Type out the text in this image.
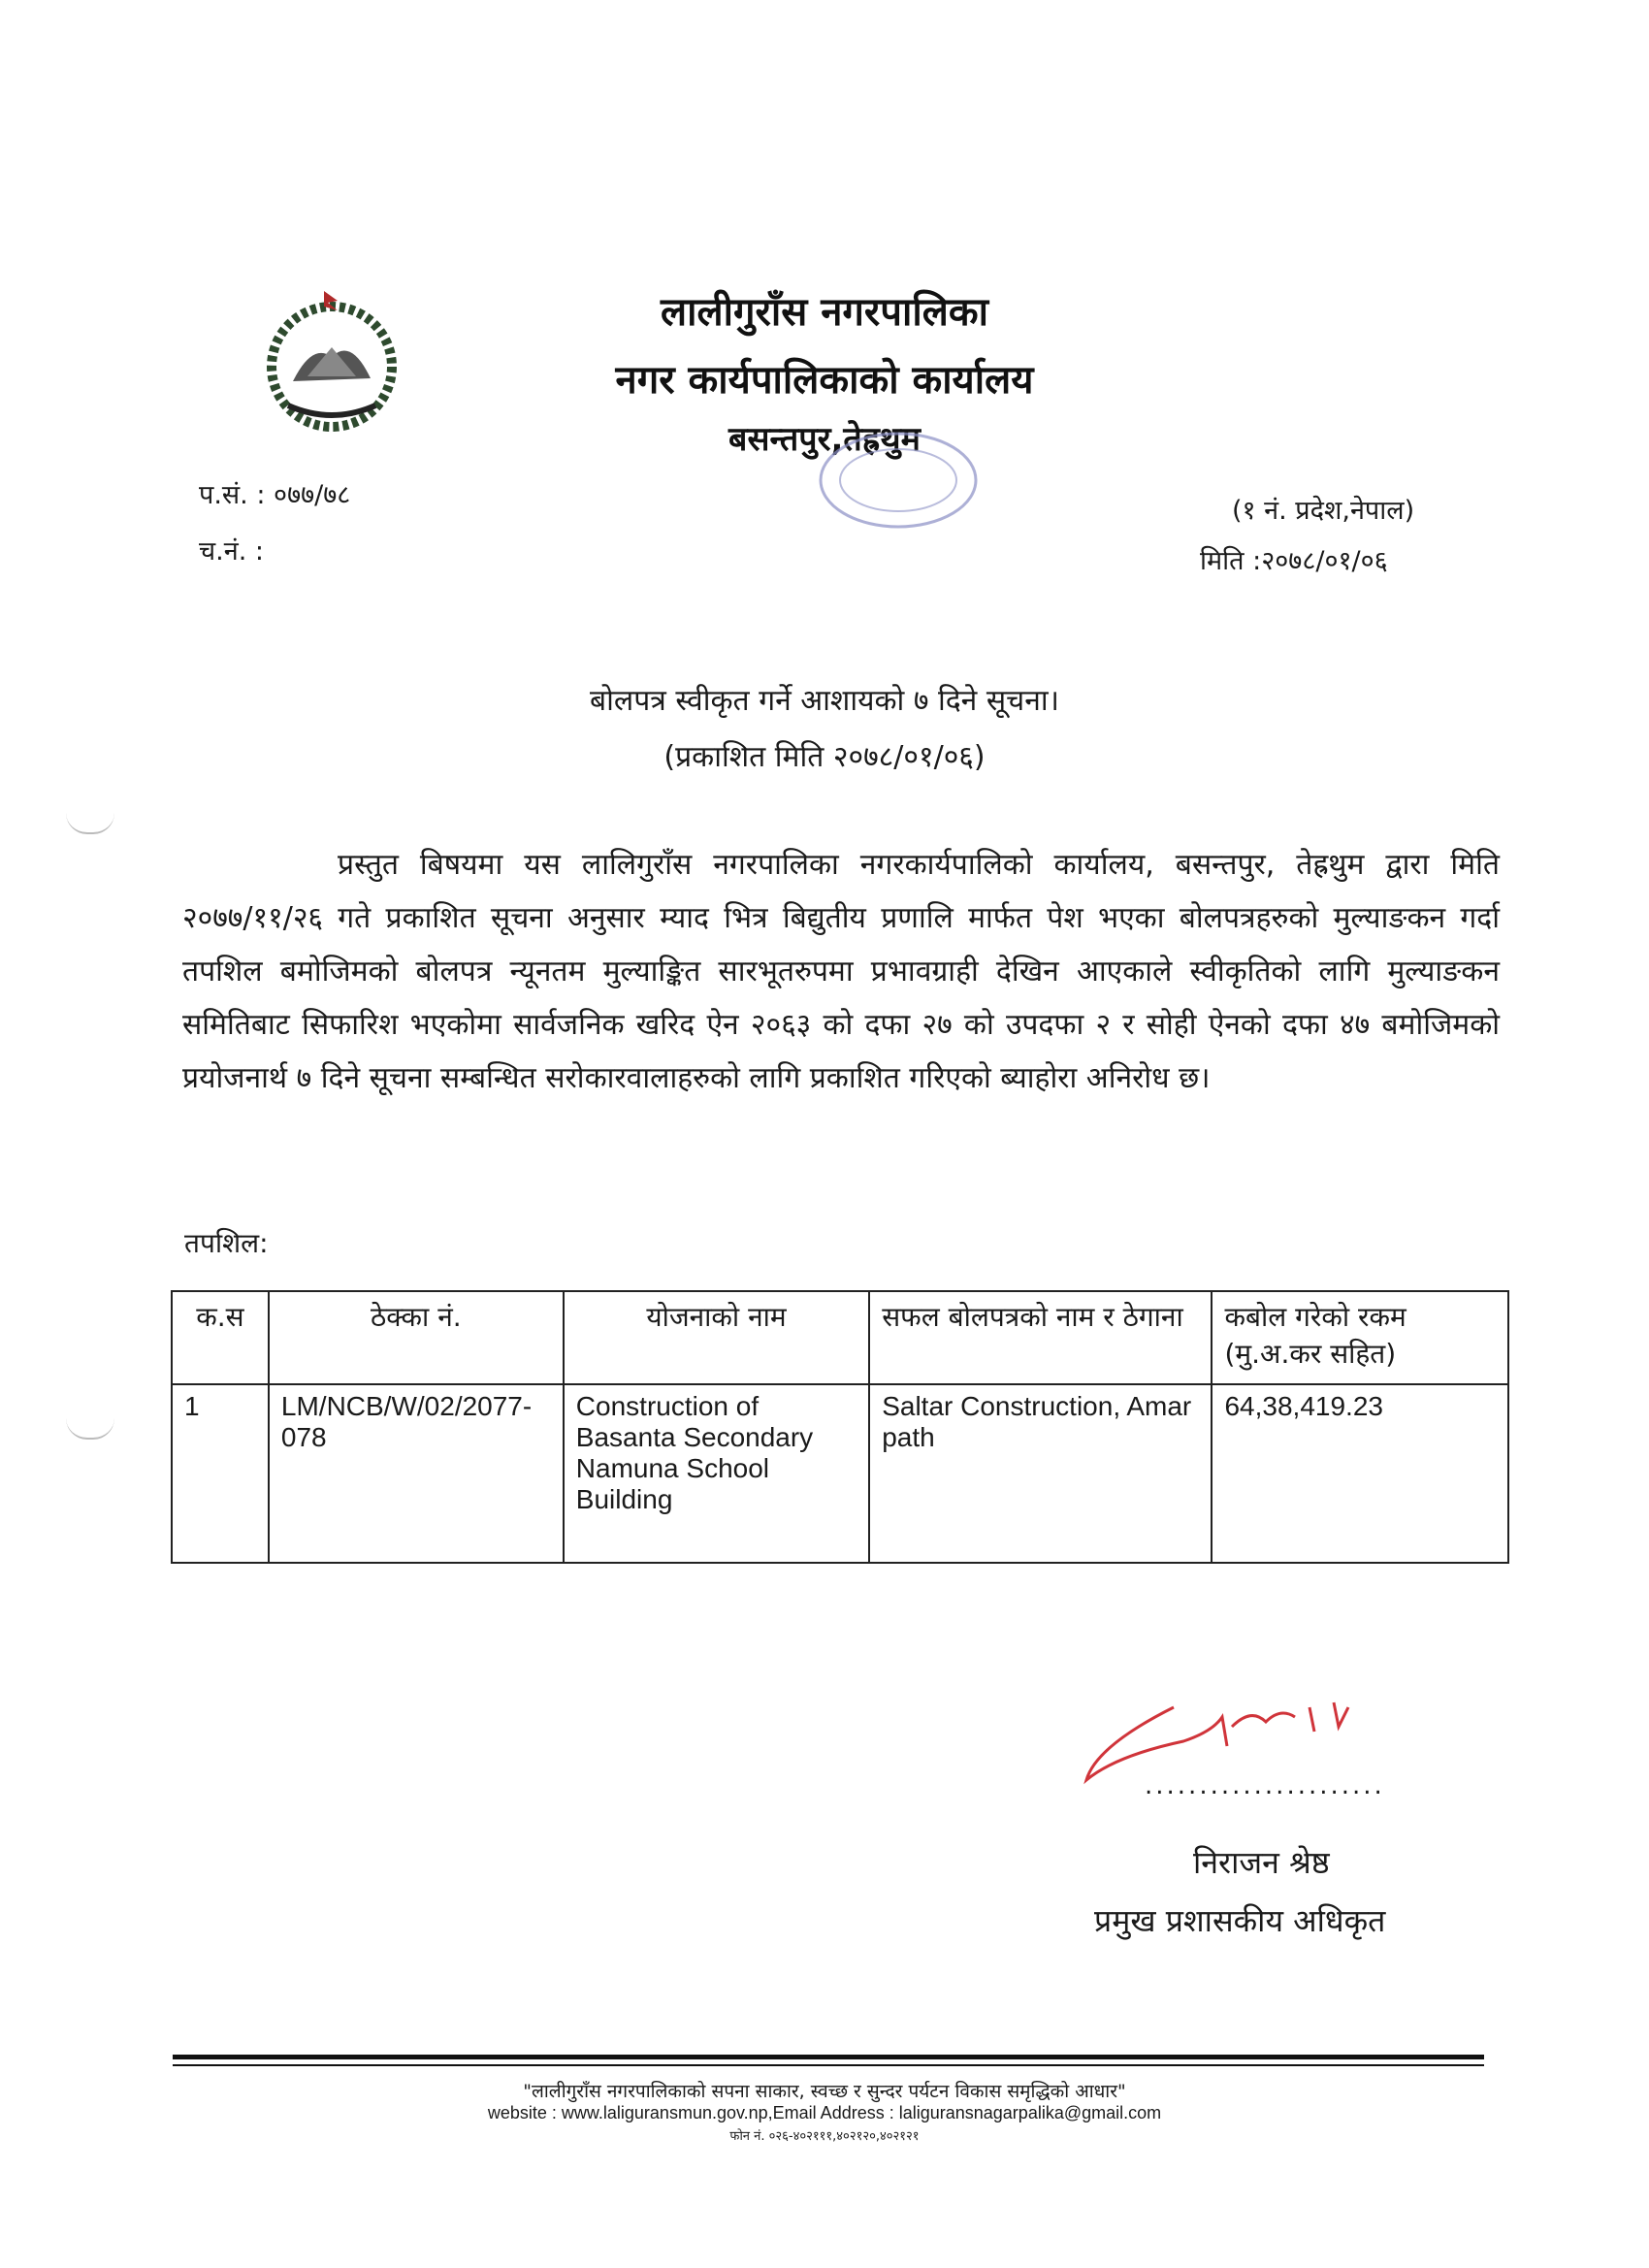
लालीगुराँस नगरपालिका
नगर कार्यपालिकाको कार्यालय
बसन्तपुर,तेह्रथुम
प.सं. : ०७७/७८
च.नं. :
(१ नं. प्रदेश,नेपाल)
मिति :२०७८/०१/०६
बोलपत्र स्वीकृत गर्ने आशायको ७ दिने सूचना।
(प्रकाशित मिति २०७८/०१/०६)
प्रस्तुत बिषयमा यस लालिगुराँस नगरपालिका नगरकार्यपालिको कार्यालय, बसन्तपुर, तेह्रथुम द्वारा मिति २०७७/११/२६ गते प्रकाशित सूचना अनुसार म्याद भित्र बिद्युतीय प्रणालि मार्फत पेश भएका बोलपत्रहरुको मुल्याङकन गर्दा तपशिल बमोजिमको बोलपत्र न्यूनतम मुल्याङ्कित सारभूतरुपमा प्रभावग्राही देखिन आएकाले स्वीकृतिको लागि मुल्याङकन समितिबाट सिफारिश भएकोमा सार्वजनिक खरिद ऐन २०६३ को दफा २७ को उपदफा २ र सोही ऐनको दफा ४७ बमोजिमको प्रयोजनार्थ ७ दिने सूचना सम्बन्धित सरोकारवालाहरुको लागि प्रकाशित गरिएको ब्याहोरा अनिरोध छ।
तपशिल:
क.स	ठेक्का नं.	योजनाको नाम	सफल बोलपत्रको नाम र ठेगाना	कबोल गरेको रकम (मु.अ.कर सहित)
1	LM/NCB/W/02/2077-078	Construction of Basanta Secondary Namuna School Building	Saltar Construction, Amar path	64,38,419.23
......................
निराजन श्रेष्ठ
प्रमुख प्रशासकीय अधिकृत
"लालीगुराँस नगरपालिकाको सपना साकार, स्वच्छ र सुन्दर पर्यटन विकास समृद्धिको आधार"
website : www.laliguransmun.gov.np,Email Address : laliguransnagarpalika@gmail.com
फोन नं. ०२६-४०२१११,४०२१२०,४०२१२१
